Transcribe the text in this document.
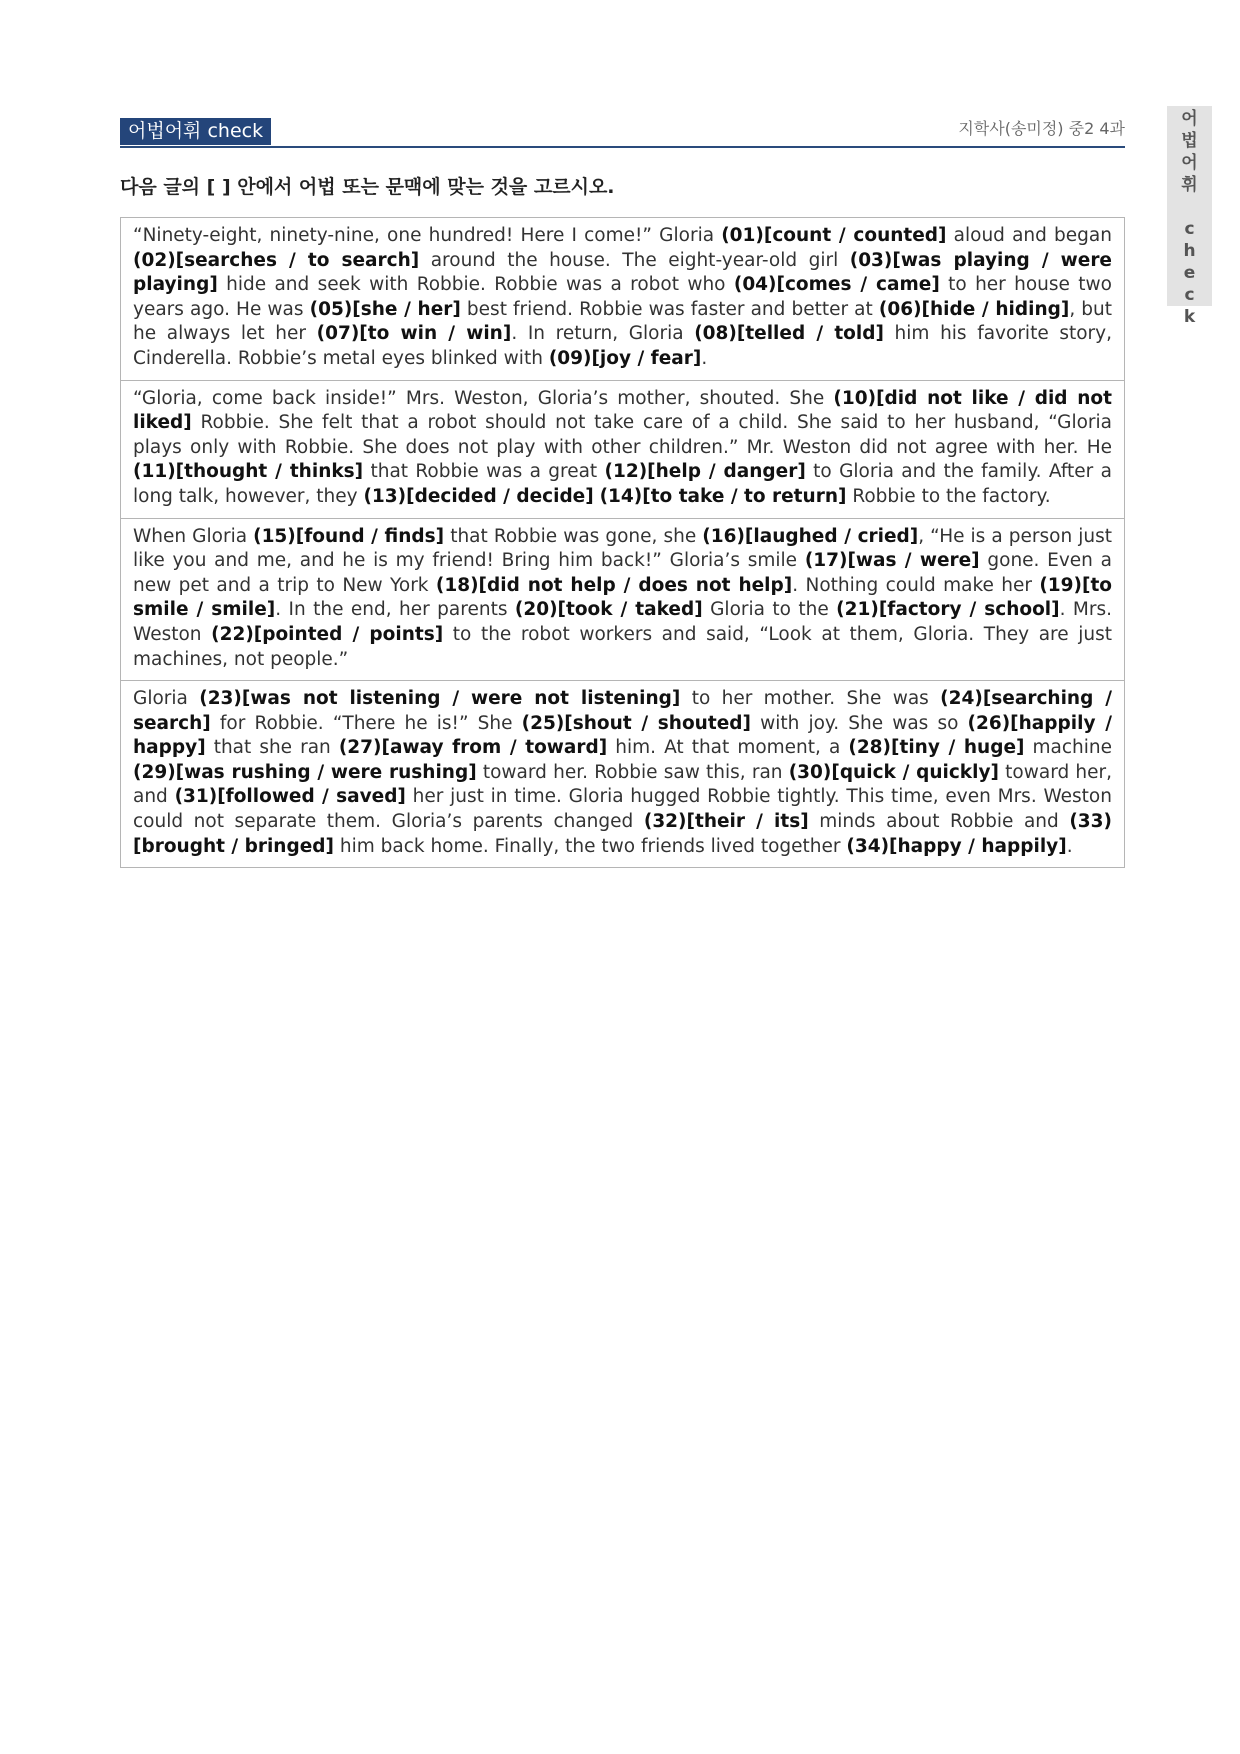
어
법
어
휘
c
h
e
c
k
어법어휘 check	지학사(송미정) 중2 4과
다음 글의 [ ] 안에서 어법 또는 문맥에 맞는 것을 고르시오.
“Ninety-eight, ninety-nine, one hundred! Here I come!” Gloria (01)[count / counted] aloud and began (02)[searches / to search] around the house. The eight-year-old girl (03)[was playing / were playing] hide and seek with Robbie. Robbie was a robot who (04)[comes / came] to her house two years ago. He was (05)[she / her] best friend. Robbie was faster and better at (06)[hide / hiding], but he always let her (07)[to win / win]. In return, Gloria (08)[telled / told] him his favorite story, Cinderella. Robbie’s metal eyes blinked with (09)[joy / fear].
“Gloria, come back inside!” Mrs. Weston, Gloria’s mother, shouted. She (10)[did not like / did not liked] Robbie. She felt that a robot should not take care of a child. She said to her husband, “Gloria plays only with Robbie. She does not play with other children.” Mr. Weston did not agree with her. He (11)[thought / thinks] that Robbie was a great (12)[help / danger] to Gloria and the family. After a long talk, however, they (13)[decided / decide] (14)[to take / to return] Robbie to the factory.
When Gloria (15)[found / finds] that Robbie was gone, she (16)[laughed / cried], “He is a person just like you and me, and he is my friend! Bring him back!” Gloria’s smile (17)[was / were] gone. Even a new pet and a trip to New York (18)[did not help / does not help]. Nothing could make her (19)[to smile / smile]. In the end, her parents (20)[took / taked] Gloria to the (21)[factory / school]. Mrs. Weston (22)[pointed / points] to the robot workers and said, “Look at them, Gloria. They are just machines, not people.”
Gloria (23)[was not listening / were not listening] to her mother. She was (24)[searching / search] for Robbie. “There he is!” She (25)[shout / shouted] with joy. She was so (26)[happily / happy] that she ran (27)[away from / toward] him. At that moment, a (28)[tiny / huge] machine (29)[was rushing / were rushing] toward her. Robbie saw this, ran (30)[quick / quickly] toward her, and (31)[followed / saved] her just in time. Gloria hugged Robbie tightly. This time, even Mrs. Weston could not separate them. Gloria’s parents changed (32)[their / its] minds about Robbie and (33)[brought / bringed] him back home. Finally, the two friends lived together (34)[happy / happily].
